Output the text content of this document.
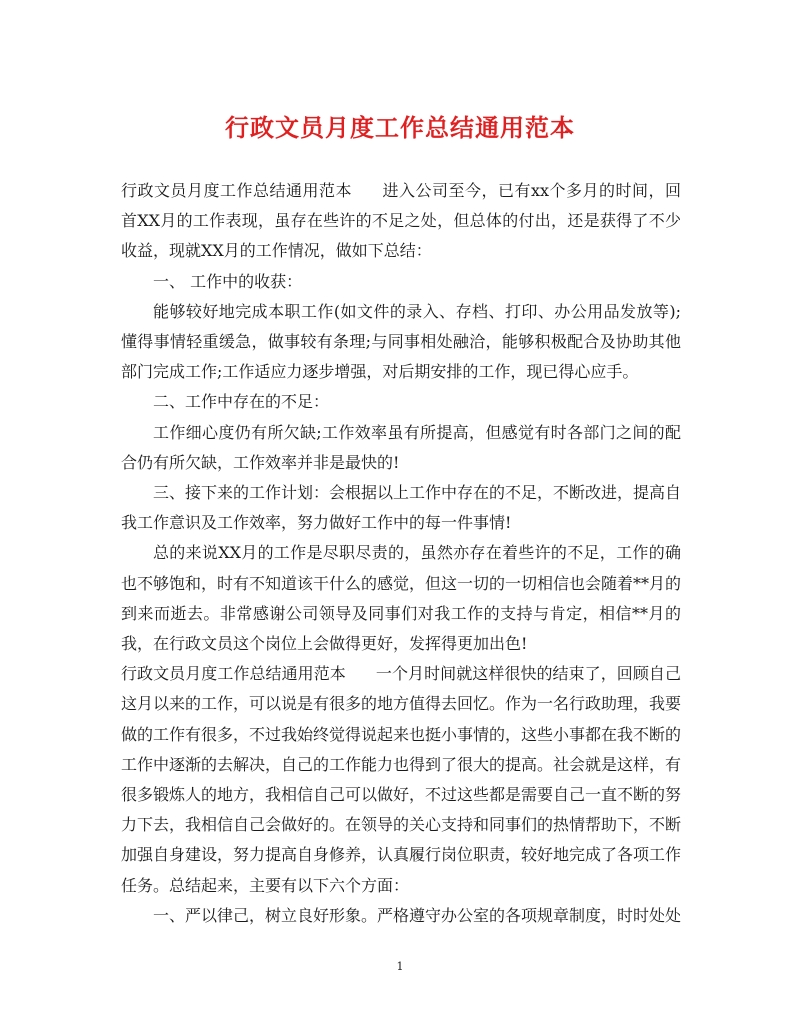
行政文员月度工作总结通用范本

行政文员月度工作总结通用范本 进入公司至今，已有xx个多月的时间，回首XX月的工作表现，虽存在些许的不足之处，但总体的付出，还是获得了不少收益，现就XX月的工作情况，做如下总结：

一、 工作中的收获：

能够较好地完成本职工作(如文件的录入、存档、打印、办公用品发放等);懂得事情轻重缓急，做事较有条理;与同事相处融洽，能够积极配合及协助其他部门完成工作;工作适应力逐步增强，对后期安排的工作，现已得心应手。

二、工作中存在的不足：

工作细心度仍有所欠缺;工作效率虽有所提高，但感觉有时各部门之间的配合仍有所欠缺，工作效率并非是最快的!

三、接下来的工作计划：会根据以上工作中存在的不足，不断改进，提高自我工作意识及工作效率，努力做好工作中的每一件事情!

总的来说XX月的工作是尽职尽责的，虽然亦存在着些许的不足，工作的确也不够饱和，时有不知道该干什么的感觉，但这一切的一切相信也会随着**月的到来而逝去。非常感谢公司领导及同事们对我工作的支持与肯定，相信**月的我，在行政文员这个岗位上会做得更好，发挥得更加出色!

行政文员月度工作总结通用范本 一个月时间就这样很快的结束了，回顾自己这月以来的工作，可以说是有很多的地方值得去回忆。作为一名行政助理，我要做的工作有很多，不过我始终觉得说起来也挺小事情的，这些小事都在我不断的工作中逐渐的去解决，自己的工作能力也得到了很大的提高。社会就是这样，有很多锻炼人的地方，我相信自己可以做好，不过这些都是需要自己一直不断的努力下去，我相信自己会做好的。在领导的关心支持和同事们的热情帮助下，不断加强自身建设，努力提高自身修养，认真履行岗位职责，较好地完成了各项工作任务。总结起来，主要有以下六个方面：

一、严以律己，树立良好形象。严格遵守办公室的各项规章制度，时时处处

1
